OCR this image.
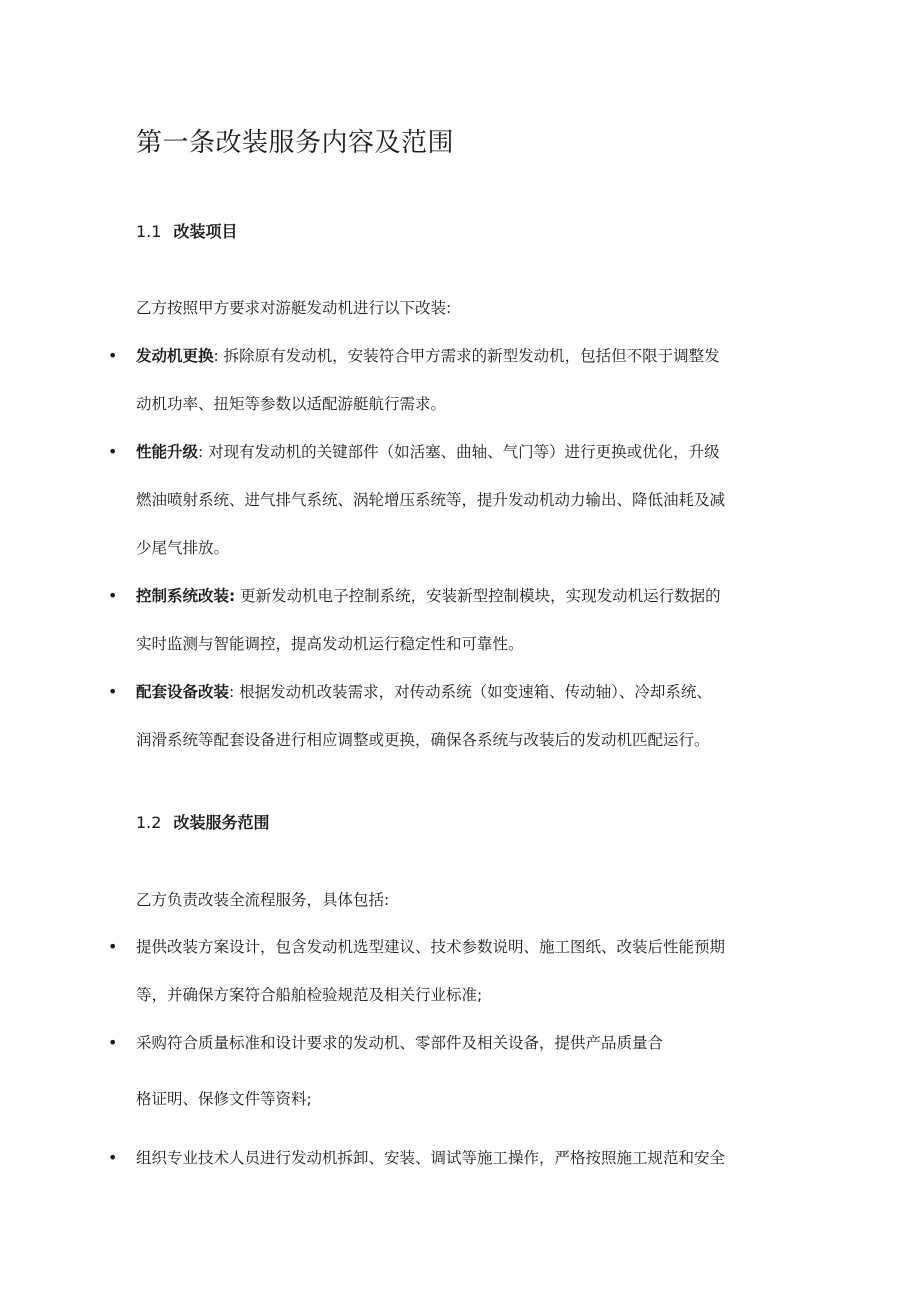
第一条改装服务内容及范围
1.1 改装项目

乙方按照甲方要求对游艇发动机进行以下改装:

•	发动机更换: 拆除原有发动机，安装符合甲方需求的新型发动机，包括但不限于调整发
动机功率、扭矩等参数以适配游艇航行需求。
•	性能升级: 对现有发动机的关键部件（如活塞、曲轴、气门等）进行更换或优化，升级
燃油喷射系统、进气排气系统、涡轮增压系统等，提升发动机动力输出、降低油耗及减
少尾气排放。
•	控制系统改装: 更新发动机电子控制系统，安装新型控制模块，实现发动机运行数据的
实时监测与智能调控，提高发动机运行稳定性和可靠性。
•	配套设备改装: 根据发动机改装需求，对传动系统（如变速箱、传动轴）、冷却系统、
润滑系统等配套设备进行相应调整或更换，确保各系统与改装后的发动机匹配运行。
1.2 改装服务范围

乙方负责改装全流程服务，具体包括:

•	提供改装方案设计，包含发动机选型建议、技术参数说明、施工图纸、改装后性能预期
等，并确保方案符合船舶检验规范及相关行业标准;
•	采购符合质量标准和设计要求的发动机、零部件及相关设备，提供产品质量合
格证明、保修文件等资料;
•	组织专业技术人员进行发动机拆卸、安装、调试等施工操作，严格按照施工规范和安全
